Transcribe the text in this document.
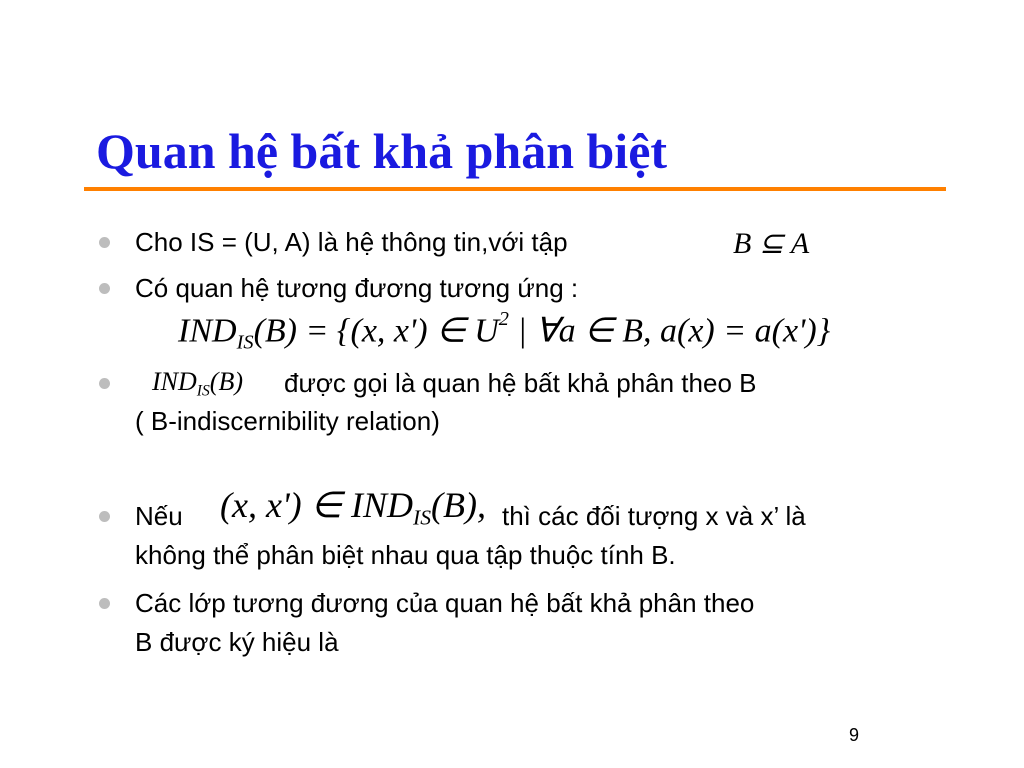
Quan hệ bất khả phân biệt
Cho IS = (U, A) là hệ thông tin,với tập	B ⊆ A
Có quan hệ tương đương tương ứng :
$IND_{IS}(B) = \{(x$, x') ∈ $U^2$ | ∀a ∈ B, a(x) = a(x')}
$IND_{IS}(B)$ được gọi là quan hệ bất khả phân theo B
( B-indiscernibility relation)
Nếu (x, x') ∈ $IND_{IS}(B)$, thì các đối tượng x và x’ là
không thể phân biệt nhau qua tập thuộc tính B.
Các lớp tương đương của quan hệ bất khả phân theo
B được ký hiệu là
9
